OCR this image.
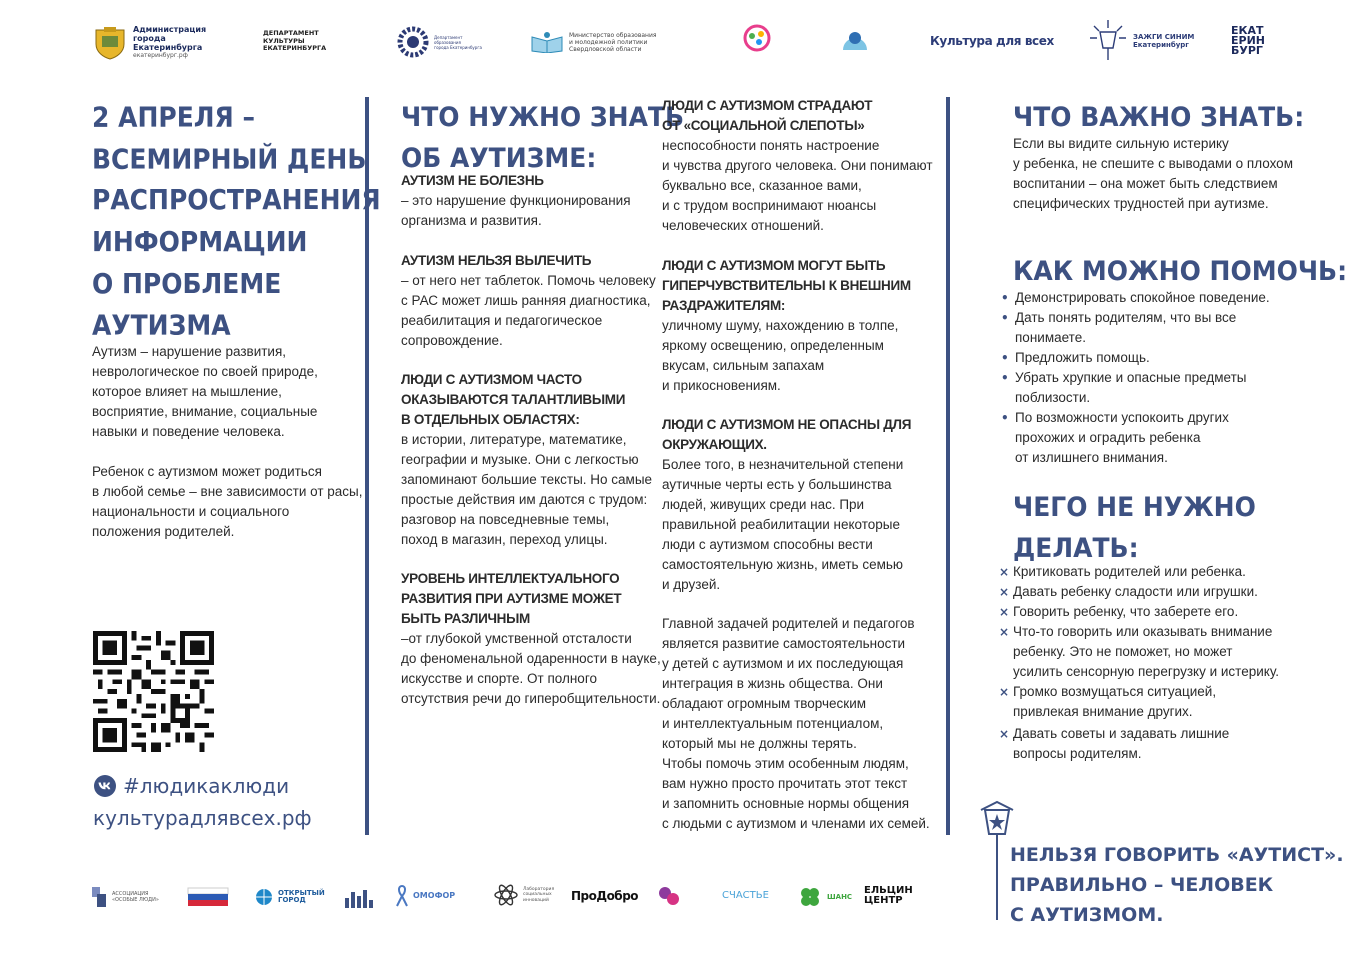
Администрация
города
Екатеринбурга
екатеринбург.рф
ДЕПАРТАМЕНТ
КУЛЬТУРЫ
ЕКАТЕРИНБУРГА
Департамент
образования
города Екатеринбурга
Министерство образования
и молодежной политики
Свердловской области
Культура для всех	ЗАЖГИ СИНИМ
Екатеринбург
ЕКАТ
ЕРИН
БУРГ
2 АПРЕЛЯ –
ВСЕМИРНЫЙ ДЕНЬ
РАСПРОСТРАНЕНИЯ
ИНФОРМАЦИИ
О ПРОБЛЕМЕ
АУТИЗМА

Аутизм – нарушение развития,

неврологическое по своей природе,

которое влияет на мышление,

восприятие, внимание, социальные

навыки и поведение человека.

Ребенок с аутизмом может родиться

в любой семье – вне зависимости от расы,

национальности и социального

положения родителей.

#людикаклюди
культурадлявсех.рф
ЧТО НУЖНО ЗНАТЬ
ОБ АУТИЗМЕ:

АУТИЗМ НЕ БОЛЕЗНЬ

– это нарушение функционирования

организма и развития.

АУТИЗМ НЕЛЬЗЯ ВЫЛЕЧИТЬ

– от него нет таблеток. Помочь человеку

с РАС может лишь ранняя диагностика,

реабилитация и педагогическое

сопровождение.

ЛЮДИ С АУТИЗМОМ ЧАСТО

ОКАЗЫВАЮТСЯ ТАЛАНТЛИВЫМИ

В ОТДЕЛЬНЫХ ОБЛАСТЯХ:

в истории, литературе, математике,

географии и музыке. Они с легкостью

запоминают большие тексты. Но самые

простые действия им даются с трудом:

разговор на повседневные темы,

поход в магазин, переход улицы.

УРОВЕНЬ ИНТЕЛЛЕКТУАЛЬНОГО

РАЗВИТИЯ ПРИ АУТИЗМЕ МОЖЕТ

БЫТЬ РАЗЛИЧНЫМ

–от глубокой умственной отсталости

до феноменальной одаренности в науке,

искусстве и спорте. От полного

отсутствия речи до гиперобщительности.

ЛЮДИ С АУТИЗМОМ СТРАДАЮТ

ОТ «СОЦИАЛЬНОЙ СЛЕПОТЫ»

неспособности понять настроение

и чувства другого человека. Они понимают

буквально все, сказанное вами,

и с трудом воспринимают нюансы

человеческих отношений.

ЛЮДИ С АУТИЗМОМ МОГУТ БЫТЬ

ГИПЕРЧУВСТВИТЕЛЬНЫ К ВНЕШНИМ

РАЗДРАЖИТЕЛЯМ:

уличному шуму, нахождению в толпе,

яркому освещению, определенным

вкусам, сильным запахам

и прикосновениям.

ЛЮДИ С АУТИЗМОМ НЕ ОПАСНЫ ДЛЯ

ОКРУЖАЮЩИХ.

Более того, в незначительной степени

аутичные черты есть у большинства

людей, живущих среди нас. При

правильной реабилитации некоторые

люди с аутизмом способны вести

самостоятельную жизнь, иметь семью

и друзей.

Главной задачей родителей и педагогов

является развитие самостоятельности

у детей с аутизмом и их последующая

интеграция в жизнь общества. Они

обладают огромным творческим

и интеллектуальным потенциалом,

который мы не должны терять.

Чтобы помочь этим особенным людям,

вам нужно просто прочитать этот текст

и запомнить основные нормы общения

с людьми с аутизмом и членами их семей.

ЧТО ВАЖНО ЗНАТЬ:

Если вы видите сильную истерику

у ребенка, не спешите с выводами о плохом

воспитании – она может быть следствием

специфических трудностей при аутизме.

КАК МОЖНО ПОМОЧЬ:
• Демонстрировать спокойное поведение.
• Дать понять родителям, что вы все
понимаете.
• Предложить помощь.
• Убрать хрупкие и опасные предметы
поблизости.
• По возможности успокоить других
прохожих и оградить ребенка
от излишнего внимания.
ЧЕГО НЕ НУЖНО
ДЕЛАТЬ:
× Критиковать родителей или ребенка.
× Давать ребенку сладости или игрушки.
× Говорить ребенку, что заберете его.
× Что-то говорить или оказывать внимание
ребенку. Это не поможет, но может
усилить сенсорную перегрузку и истерику.
× Громко возмущаться ситуацией,
привлекая внимание других.
× Давать советы и задавать лишние
вопросы родителям.
НЕЛЬЗЯ ГОВОРИТЬ «АУТИСТ».
ПРАВИЛЬНО – ЧЕЛОВЕК
С АУТИЗМОМ.
АССОЦИАЦИЯ
«ОСОБЫЕ ЛЮДИ»
ОТКРЫТЫЙ
ГОРОД	ОМОФОР
Лаборатория
социальных
инноваций	ПроДобро	СЧАСТЬЕ	ШАНС
ЕЛЬЦИН
ЦЕНТР
